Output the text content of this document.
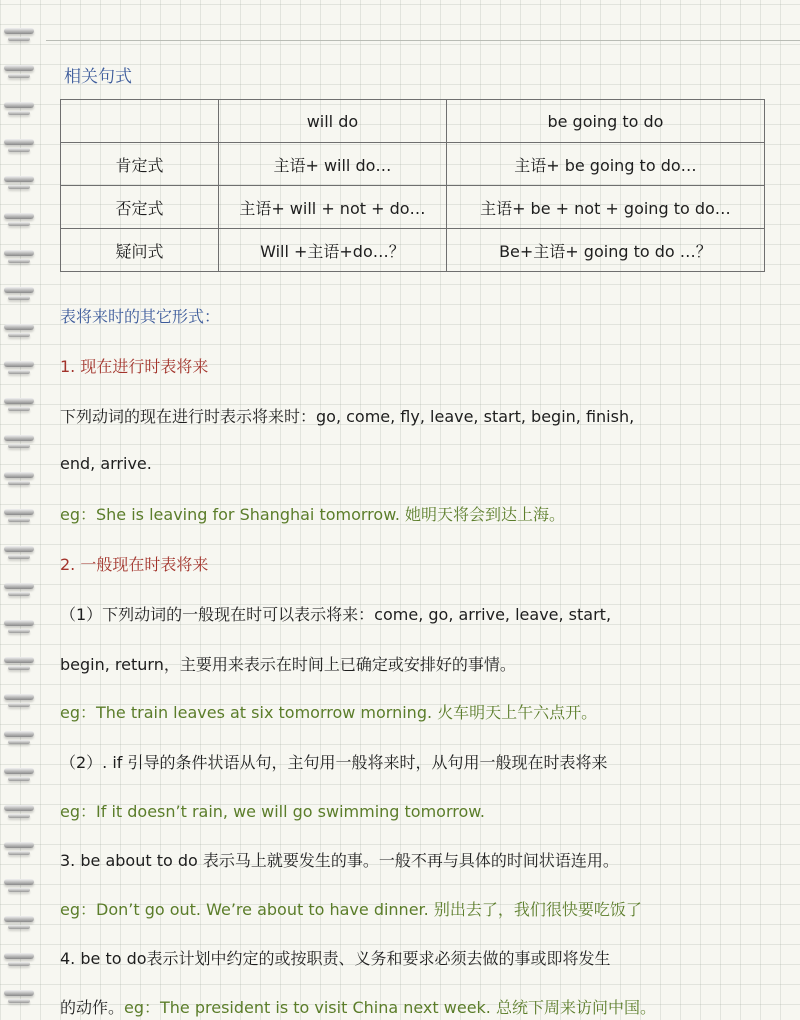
相关句式
	will do	be going to do
肯定式	主语+ will do…	主语+ be going to do…
否定式	主语+ will + not + do…	主语+ be + not + going to do…
疑问式	Will +主语+do…？	Be+主语+ going to do …？
表将来时的其它形式：
1. 现在进行时表将来
下列动词的现在进行时表示将来时：go, come, fly, leave, start, begin, finish,
end, arrive.
eg：She is leaving for Shanghai tomorrow. 她明天将会到达上海。
2. 一般现在时表将来
（1）下列动词的一般现在时可以表示将来：come, go, arrive, leave, start,
begin, return，主要用来表示在时间上已确定或安排好的事情。
eg：The train leaves at six tomorrow morning. 火车明天上午六点开。
（2）. if 引导的条件状语从句，主句用一般将来时，从句用一般现在时表将来
eg：If it doesn’t rain, we will go swimming tomorrow.
3. be about to do 表示马上就要发生的事。一般不再与具体的时间状语连用。
eg：Don’t go out. We’re about to have dinner. 别出去了，我们很快要吃饭了
4. be to do表示计划中约定的或按职责、义务和要求必须去做的事或即将发生
的动作。eg：The president is to visit China next week. 总统下周来访问中国。
